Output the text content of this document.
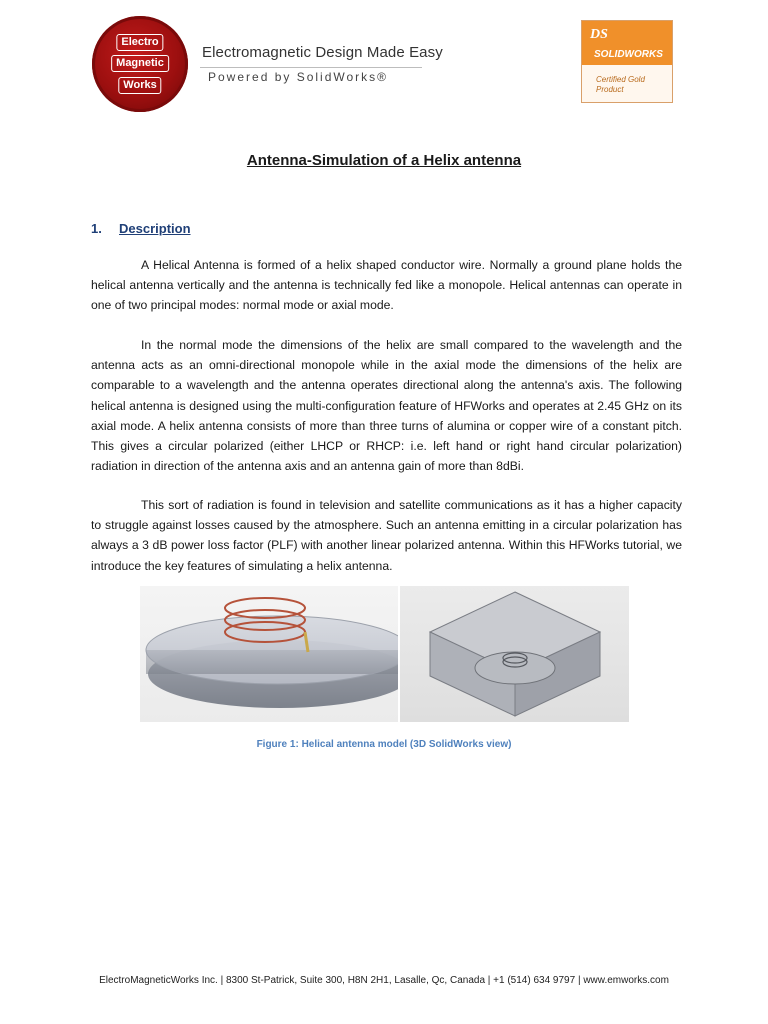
Electro
Magnetic
Works
Electromagnetic Design Made Easy
Powered by SolidWorks®
DS
SOLIDWORKS
Certified Gold Product
Antenna-Simulation of a Helix antenna
1. Description

A Helical Antenna is formed of a helix shaped conductor wire. Normally a ground plane holds the helical antenna vertically and the antenna is technically fed like a monopole. Helical antennas can operate in one of two principal modes: normal mode or axial mode.

In the normal mode the dimensions of the helix are small compared to the wavelength and the antenna acts as an omni-directional monopole while in the axial mode the dimensions of the helix are comparable to a wavelength and the antenna operates directional along the antenna's axis. The following helical antenna is designed using the multi-configuration feature of HFWorks and operates at 2.45 GHz on its axial mode. A helix antenna consists of more than three turns of alumina or copper wire of a constant pitch. This gives a circular polarized (either LHCP or RHCP: i.e. left hand or right hand circular polarization) radiation in direction of the antenna axis and an antenna gain of more than 8dBi.

This sort of radiation is found in television and satellite communications as it has a higher capacity to struggle against losses caused by the atmosphere. Such an antenna emitting in a circular polarization has always a 3 dB power loss factor (PLF) with another linear polarized antenna. Within this HFWorks tutorial, we introduce the key features of simulating a helix antenna.

Figure 1: Helical antenna model (3D SolidWorks view)
ElectroMagneticWorks Inc. | 8300 St-Patrick, Suite 300, H8N 2H1, Lasalle, Qc, Canada | +1 (514) 634 9797 | www.emworks.com
